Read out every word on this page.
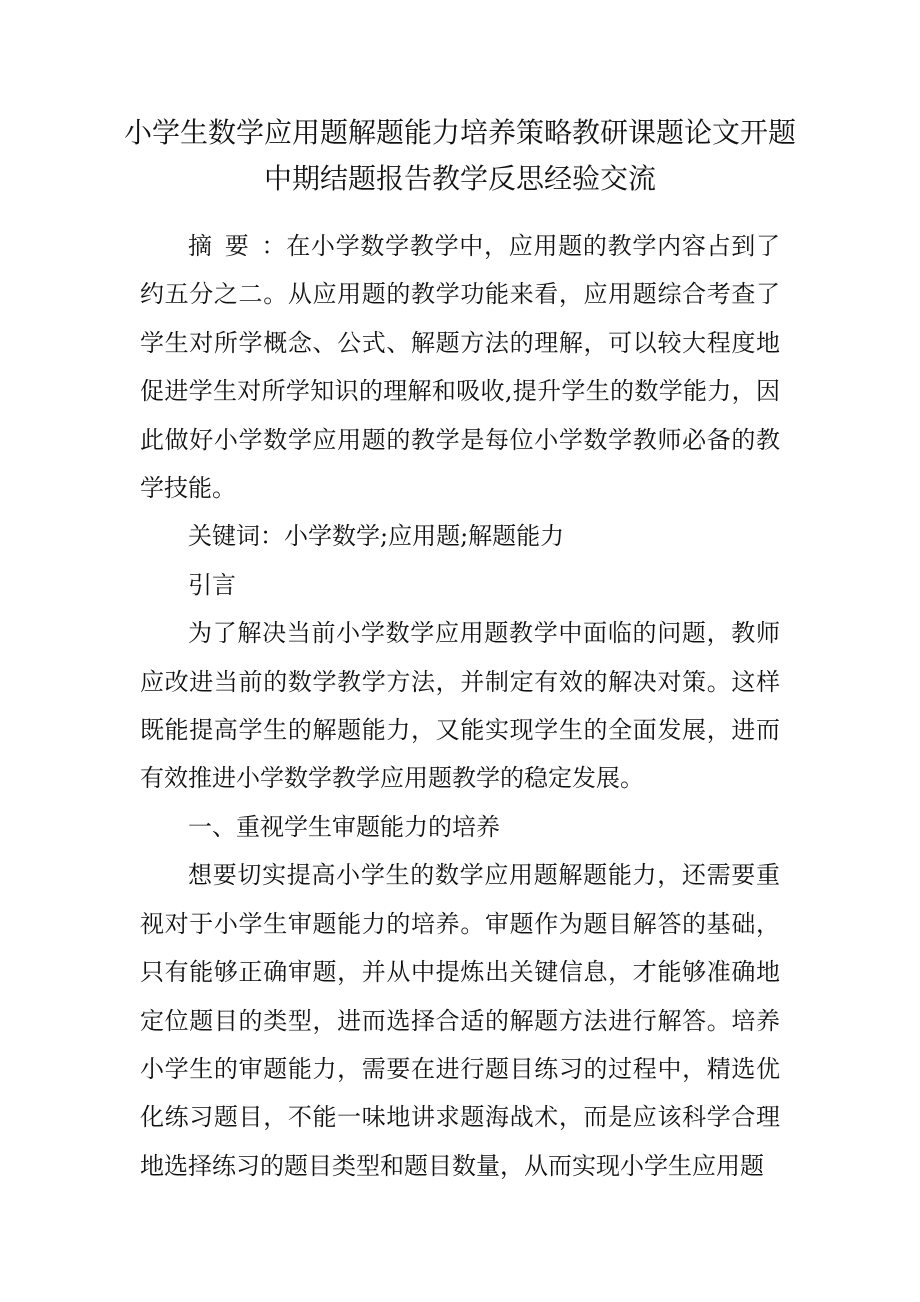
小学生数学应用题解题能力培养策略教研课题论文开题中期结题报告教学反思经验交流

摘要：在小学数学教学中，应用题的教学内容占到了约五分之二。从应用题的教学功能来看，应用题综合考查了学生对所学概念、公式、解题方法的理解，可以较大程度地促进学生对所学知识的理解和吸收,提升学生的数学能力，因此做好小学数学应用题的教学是每位小学数学教师必备的教学技能。

关键词：小学数学;应用题;解题能力

引言

为了解决当前小学数学应用题教学中面临的问题，教师应改进当前的数学教学方法，并制定有效的解决对策。这样既能提高学生的解题能力，又能实现学生的全面发展，进而有效推进小学数学教学应用题教学的稳定发展。

一、重视学生审题能力的培养

想要切实提高小学生的数学应用题解题能力，还需要重视对于小学生审题能力的培养。审题作为题目解答的基础，只有能够正确审题，并从中提炼出关键信息，才能够准确地定位题目的类型，进而选择合适的解题方法进行解答。培养小学生的审题能力，需要在进行题目练习的过程中，精选优化练习题目，不能一味地讲求题海战术，而是应该科学合理地选择练习的题目类型和题目数量，从而实现小学生应用题
